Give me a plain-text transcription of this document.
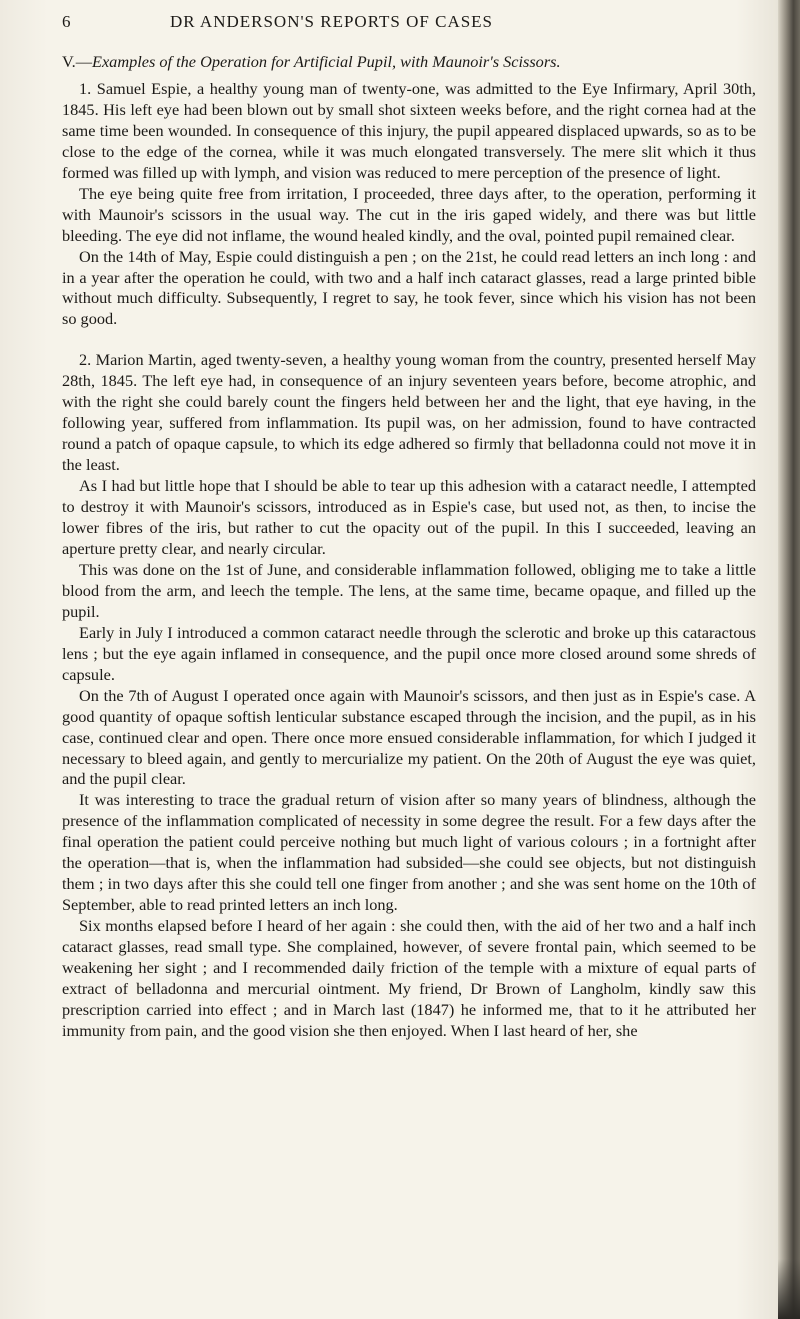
6	DR ANDERSON'S REPORTS OF CASES

V.—Examples of the Operation for Artificial Pupil, with Maunoir's Scissors.

1. Samuel Espie, a healthy young man of twenty-one, was admitted to the Eye Infirmary, April 30th, 1845. His left eye had been blown out by small shot sixteen weeks before, and the right cornea had at the same time been wounded. In consequence of this injury, the pupil appeared displaced upwards, so as to be close to the edge of the cornea, while it was much elongated transversely. The mere slit which it thus formed was filled up with lymph, and vision was reduced to mere perception of the presence of light.

The eye being quite free from irritation, I proceeded, three days after, to the operation, performing it with Maunoir's scissors in the usual way. The cut in the iris gaped widely, and there was but little bleeding. The eye did not inflame, the wound healed kindly, and the oval, pointed pupil remained clear.

On the 14th of May, Espie could distinguish a pen ; on the 21st, he could read letters an inch long : and in a year after the operation he could, with two and a half inch cataract glasses, read a large printed bible without much difficulty. Subsequently, I regret to say, he took fever, since which his vision has not been so good.

2. Marion Martin, aged twenty-seven, a healthy young woman from the country, presented herself May 28th, 1845. The left eye had, in consequence of an injury seventeen years before, become atrophic, and with the right she could barely count the fingers held between her and the light, that eye having, in the following year, suffered from inflammation. Its pupil was, on her admission, found to have contracted round a patch of opaque capsule, to which its edge adhered so firmly that belladonna could not move it in the least.

As I had but little hope that I should be able to tear up this adhesion with a cataract needle, I attempted to destroy it with Maunoir's scissors, introduced as in Espie's case, but used not, as then, to incise the lower fibres of the iris, but rather to cut the opacity out of the pupil. In this I succeeded, leaving an aperture pretty clear, and nearly circular.

This was done on the 1st of June, and considerable inflammation followed, obliging me to take a little blood from the arm, and leech the temple. The lens, at the same time, became opaque, and filled up the pupil.

Early in July I introduced a common cataract needle through the sclerotic and broke up this cataractous lens ; but the eye again inflamed in consequence, and the pupil once more closed around some shreds of capsule.

On the 7th of August I operated once again with Maunoir's scissors, and then just as in Espie's case. A good quantity of opaque softish lenticular substance escaped through the incision, and the pupil, as in his case, continued clear and open. There once more ensued considerable inflammation, for which I judged it necessary to bleed again, and gently to mercurialize my patient. On the 20th of August the eye was quiet, and the pupil clear.

It was interesting to trace the gradual return of vision after so many years of blindness, although the presence of the inflammation complicated of necessity in some degree the result. For a few days after the final operation the patient could perceive nothing but much light of various colours ; in a fortnight after the operation—that is, when the inflammation had subsided—she could see objects, but not distinguish them ; in two days after this she could tell one finger from another ; and she was sent home on the 10th of September, able to read printed letters an inch long.

Six months elapsed before I heard of her again : she could then, with the aid of her two and a half inch cataract glasses, read small type. She complained, however, of severe frontal pain, which seemed to be weakening her sight ; and I recommended daily friction of the temple with a mixture of equal parts of extract of belladonna and mercurial ointment. My friend, Dr Brown of Langholm, kindly saw this prescription carried into effect ; and in March last (1847) he informed me, that to it he attributed her immunity from pain, and the good vision she then enjoyed. When I last heard of her, she
